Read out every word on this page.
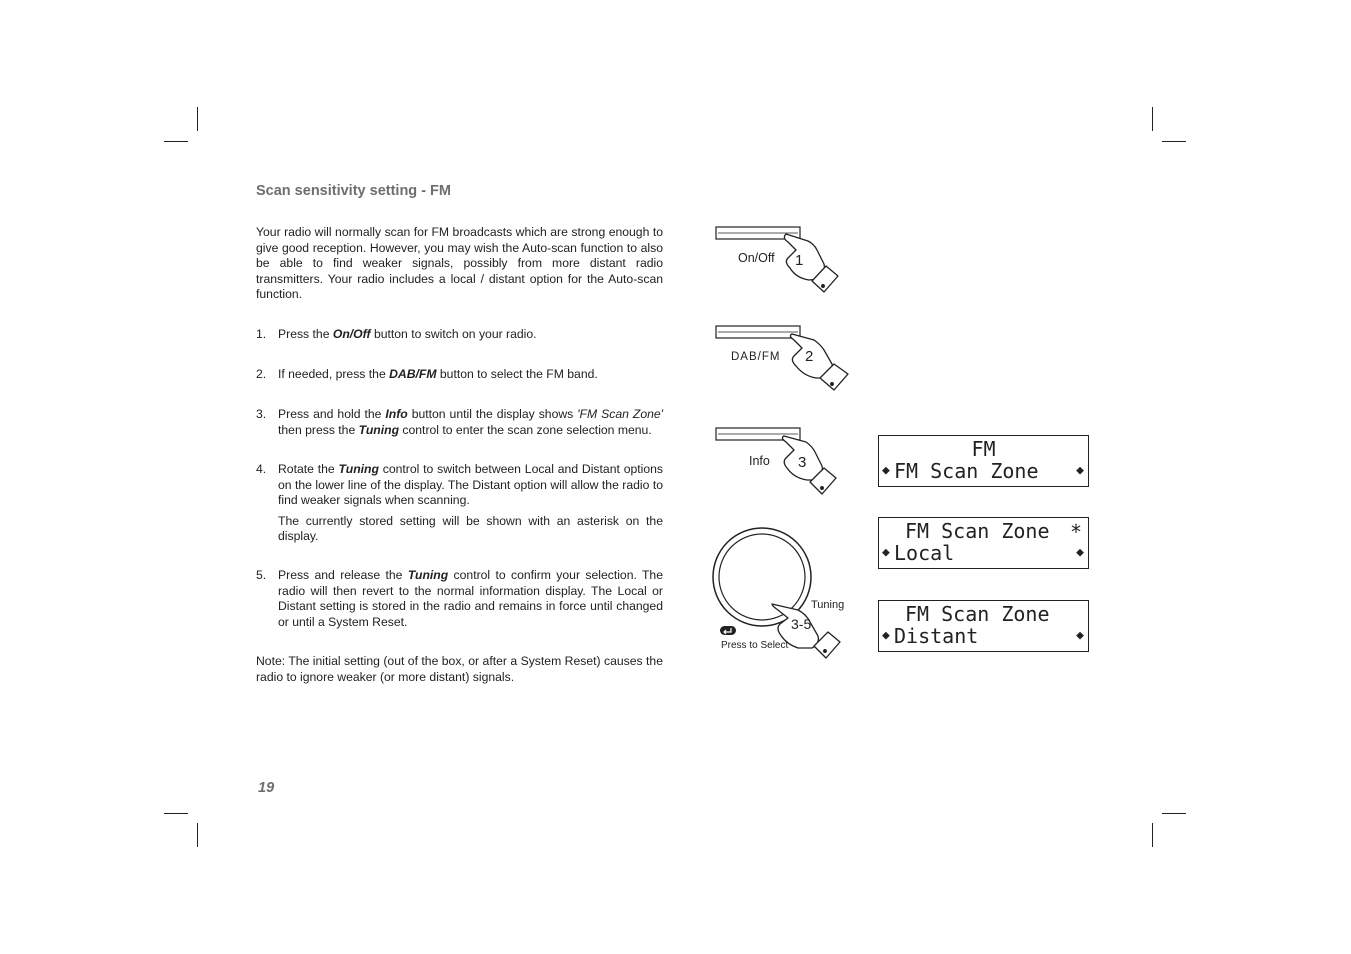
Scan sensitivity setting - FM
Your radio will normally scan for FM broadcasts which are strong enough to give good reception. However, you may wish the Auto-scan function to also be able to find weaker signals, possibly from more distant radio transmitters. Your radio includes a local / distant option for the Auto-scan function.
1. Press the On/Off button to switch on your radio.

2. If needed, press the DAB/FM button to select the FM band.

3. Press and hold the Info button until the display shows 'FM Scan Zone' then press the Tuning control to enter the scan zone selection menu.

4. Rotate the Tuning control to switch between Local and Distant options on the lower line of the display. The Distant option will allow the radio to find weaker signals when scanning.

The currently stored setting will be shown with an asterisk on the display.

5. Press and release the Tuning control to confirm your selection. The radio will then revert to the normal information display. The Local or Distant setting is stored in the radio and remains in force until changed or until a System Reset.

Note: The initial setting (out of the box, or after a System Reset) causes the radio to ignore weaker (or more distant) signals.
19
On/Off 1
DAB/FM 2
Info 3
Tuning
3-5
Press to Select
FM
◆ FM Scan Zone	◆
FM Scan Zone *
◆ Local	◆
FM Scan Zone
◆ Distant	◆
